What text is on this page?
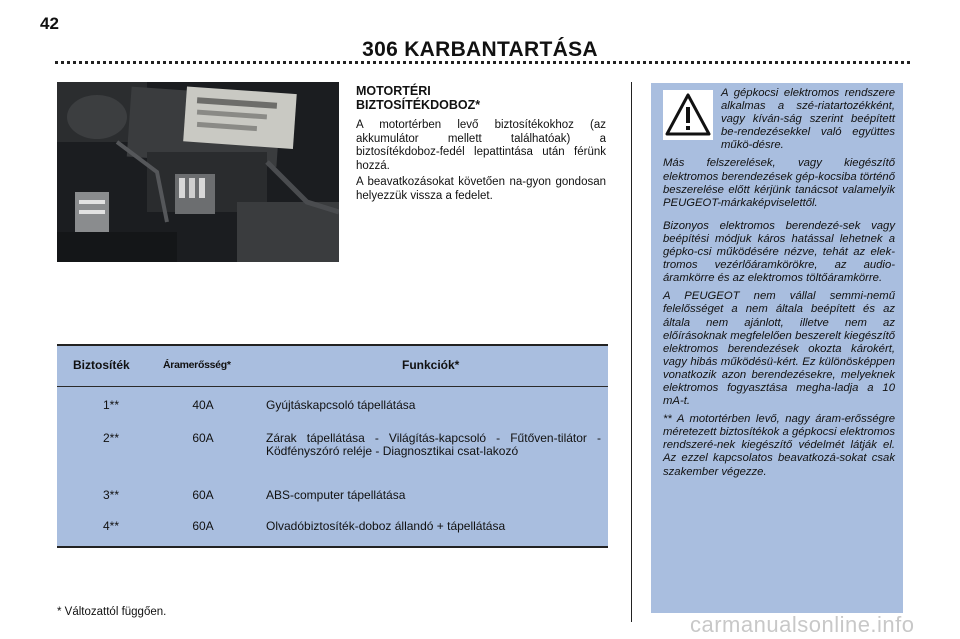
42
306 KARBANTARTÁSA
MOTORTÉRI
BIZTOSÍTÉKDOBOZ*

A motortérben levő biztosítékokhoz (az akkumulátor mellett találhatóak) a biztosítékdoboz-fedél lepattintása után férünk hozzá.

A beavatkozásokat követően na-gyon gondosan helyezzük vissza a fedelet.

A gépkocsi elektromos rendszere alkalmas a szé-riatartozékként, vagy kíván-ság szerint beépített be-rendezésekkel való együttes műkö-désre.

Más felszerelések, vagy kiegészítő elektromos berendezések gép-kocsiba történő beszerelése előtt kérjünk tanácsot valamelyik PEUGEOT-márkaképviselettől.

Bizonyos elektromos berendezé-sek vagy beépítési módjuk káros hatással lehetnek a gépko-csi működésére nézve, tehát az elek-tromos vezérlőáramkörökre, az audio-áramkörre és az elektromos töltőáramkörre.

A PEUGEOT nem vállal semmi-nemű felelősséget a nem általa beépített és az általa nem ajánlott, illetve nem az előírásoknak megfelelően beszerelt kiegészítő elektromos berendezések okozta károkért, vagy hibás működésü-kért. Ez különösképpen vonatkozik azon berendezésekre, melyeknek elektromos fogyasztása megha-ladja a 10 mA-t.

** A motortérben levő, nagy áram-erősségre méretezett biztosítékok a gépkocsi elektromos rendszeré-nek kiegészítő védelmét látják el. Az ezzel kapcsolatos beavatkozá-sokat csak szakember végezze.

Biztosíték	Áramerősség*	Funkciók*
1**	40A	Gyújtáskapcsoló tápellátása
2**	60A	Zárak tápellátása - Világítás-kapcsoló - Fűtőven-tilátor - Ködfényszóró reléje - Diagnosztikai csat-lakozó
3**	60A	ABS-computer tápellátása
4**	60A	Olvadóbiztosíték-doboz állandó + tápellátása
* Változattól függően.	carmanualsonline.info
